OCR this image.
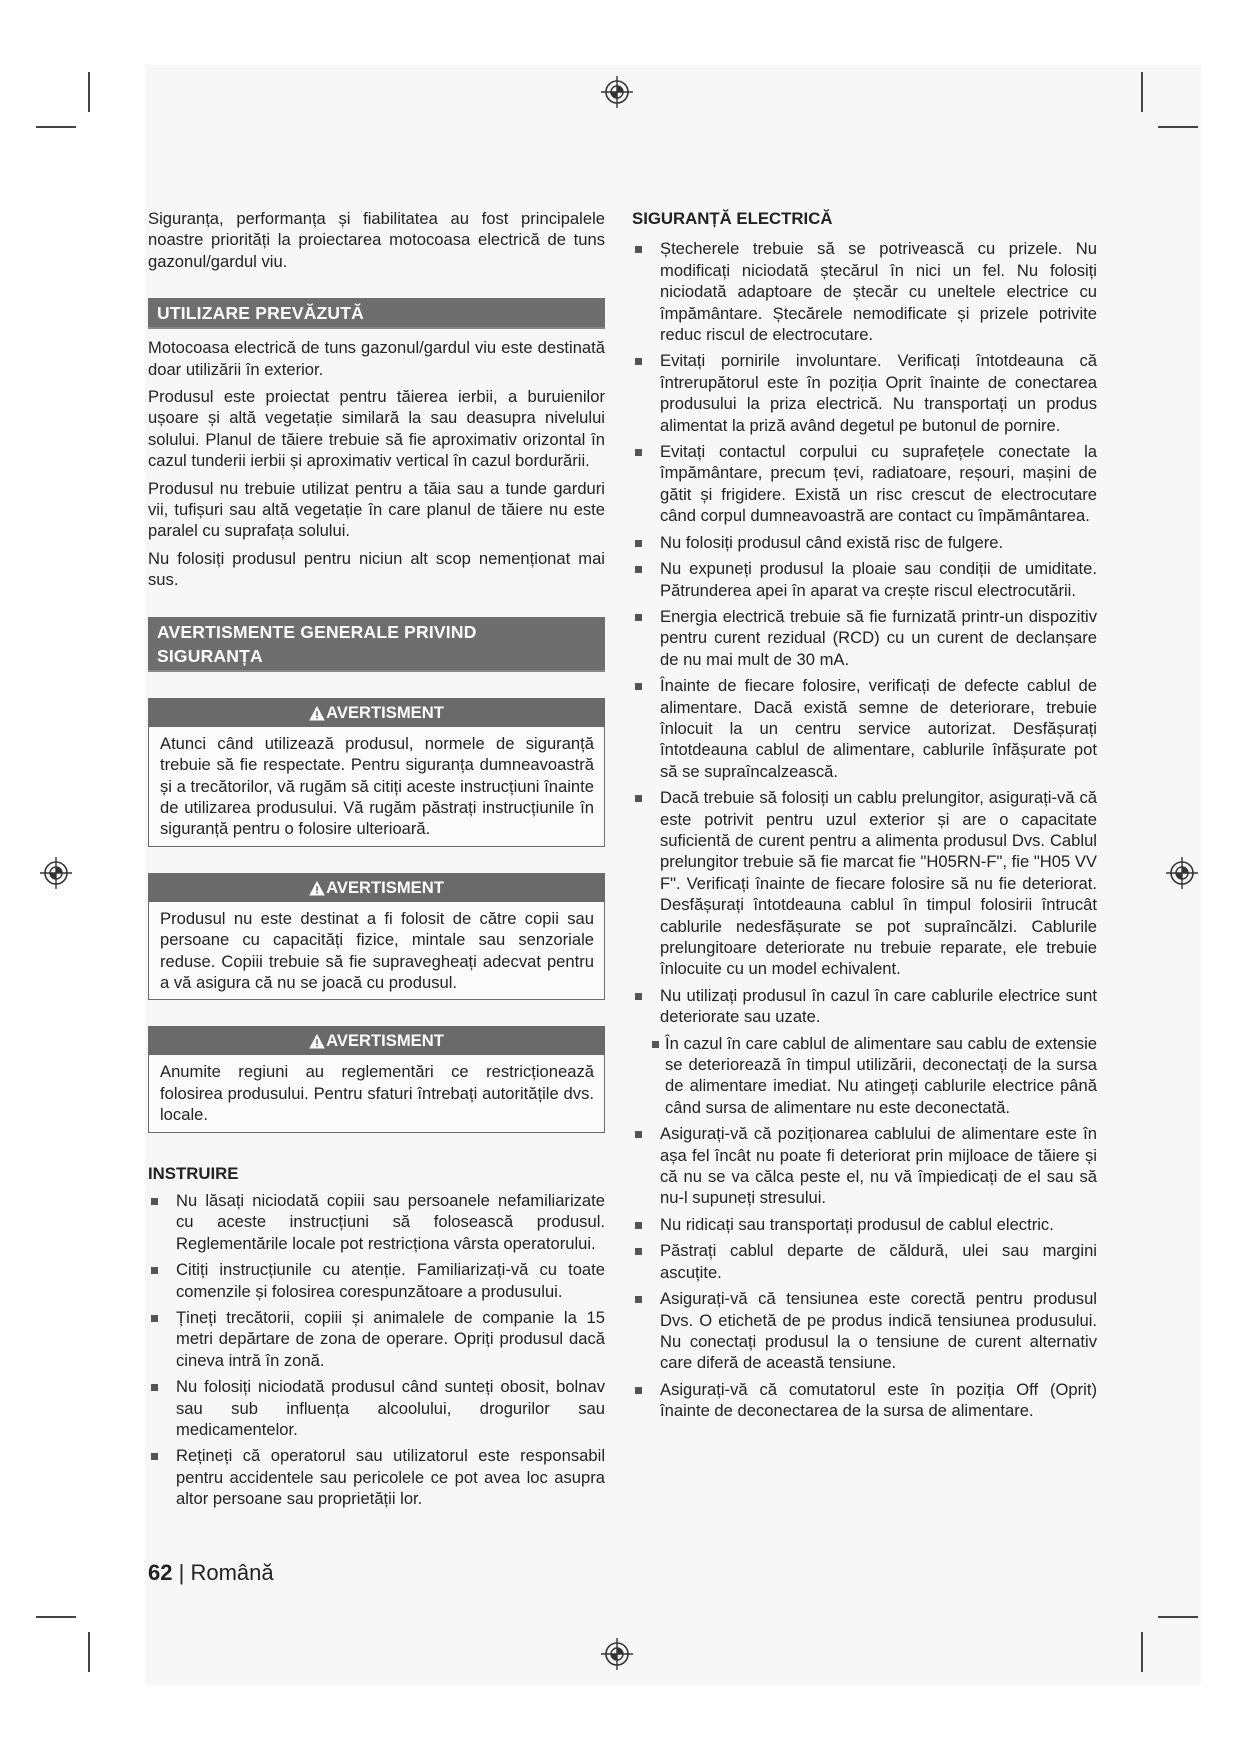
Siguranța, performanța și fiabilitatea au fost principalele noastre priorități la proiectarea motocoasa electrică de tuns gazonul/gardul viu.

UTILIZARE PREVĂZUTĂ

Motocoasa electrică de tuns gazonul/gardul viu este destinată doar utilizării în exterior.

Produsul este proiectat pentru tăierea ierbii, a buruienilor ușoare și altă vegetație similară la sau deasupra nivelului solului. Planul de tăiere trebuie să fie aproximativ orizontal în cazul tunderii ierbii și aproximativ vertical în cazul bordurării.

Produsul nu trebuie utilizat pentru a tăia sau a tunde garduri vii, tufișuri sau altă vegetație în care planul de tăiere nu este paralel cu suprafața solului.

Nu folosiți produsul pentru niciun alt scop nemenționat mai sus.

AVERTISMENTE GENERALE PRIVIND
SIGURANȚA
AVERTISMENT
Atunci când utilizează produsul, normele de siguranță trebuie să fie respectate. Pentru siguranța dumneavoastră și a trecătorilor, vă rugăm să citiți aceste instrucțiuni înainte de utilizarea produsului. Vă rugăm păstrați instrucțiunile în siguranță pentru o folosire ulterioară.
AVERTISMENT
Produsul nu este destinat a fi folosit de către copii sau persoane cu capacități fizice, mintale sau senzoriale reduse. Copiii trebuie să fie supravegheați adecvat pentru a vă asigura că nu se joacă cu produsul.
AVERTISMENT
Anumite regiuni au reglementări ce restricționează folosirea produsului. Pentru sfaturi întrebați autoritățile dvs. locale.
INSTRUIRE
Nu lăsați niciodată copiii sau persoanele nefamiliarizate cu aceste instrucțiuni să folosească produsul. Reglementările locale pot restricționa vârsta operatorului.
Citiți instrucțiunile cu atenție. Familiarizați-vă cu toate comenzile și folosirea corespunzătoare a produsului.
Țineți trecătorii, copiii și animalele de companie la 15 metri depărtare de zona de operare. Opriți produsul dacă cineva intră în zonă.
Nu folosiți niciodată produsul când sunteți obosit, bolnav sau sub influența alcoolului, drogurilor sau medicamentelor.
Rețineți că operatorul sau utilizatorul este responsabil pentru accidentele sau pericolele ce pot avea loc asupra altor persoane sau proprietății lor.
SIGURANȚĂ ELECTRICĂ
Ștecherele trebuie să se potrivească cu prizele. Nu modificați niciodată ștecărul în nici un fel. Nu folosiți niciodată adaptoare de ștecăr cu uneltele electrice cu împământare. Ștecărele nemodificate și prizele potrivite reduc riscul de electrocutare.
Evitați pornirile involuntare. Verificați întotdeauna că întrerupătorul este în poziția Oprit înainte de conectarea produsului la priza electrică. Nu transportați un produs alimentat la priză având degetul pe butonul de pornire.
Evitați contactul corpului cu suprafețele conectate la împământare, precum țevi, radiatoare, reșouri, mașini de gătit și frigidere. Există un risc crescut de electrocutare când corpul dumneavoastră are contact cu împământarea.
Nu folosiți produsul când există risc de fulgere.
Nu expuneți produsul la ploaie sau condiții de umiditate. Pătrunderea apei în aparat va crește riscul electrocutării.
Energia electrică trebuie să fie furnizată printr-un dispozitiv pentru curent rezidual (RCD) cu un curent de declanșare de nu mai mult de 30 mA.
Înainte de fiecare folosire, verificați de defecte cablul de alimentare. Dacă există semne de deteriorare, trebuie înlocuit la un centru service autorizat. Desfășurați întotdeauna cablul de alimentare, cablurile înfășurate pot să se supraîncalzească.
Dacă trebuie să folosiți un cablu prelungitor, asigurați-vă că este potrivit pentru uzul exterior și are o capacitate suficientă de curent pentru a alimenta produsul Dvs. Cablul prelungitor trebuie să fie marcat fie "H05RN-F", fie "H05 VV F". Verificați înainte de fiecare folosire să nu fie deteriorat. Desfășurați întotdeauna cablul în timpul folosirii întrucât cablurile nedesfășurate se pot supraîncălzi. Cablurile prelungitoare deteriorate nu trebuie reparate, ele trebuie înlocuite cu un model echivalent.
Nu utilizați produsul în cazul în care cablurile electrice sunt deteriorate sau uzate.
În cazul în care cablul de alimentare sau cablu de extensie se deteriorează în timpul utilizării, deconectați de la sursa de alimentare imediat. Nu atingeți cablurile electrice până când sursa de alimentare nu este deconectată.
Asigurați-vă că poziționarea cablului de alimentare este în așa fel încât nu poate fi deteriorat prin mijloace de tăiere și că nu se va călca peste el, nu vă împiedicați de el sau să nu-l supuneți stresului.
Nu ridicați sau transportați produsul de cablul electric.
Păstrați cablul departe de căldură, ulei sau margini ascuțite.
Asigurați-vă că tensiunea este corectă pentru produsul Dvs. O etichetă de pe produs indică tensiunea produsului. Nu conectați produsul la o tensiune de curent alternativ care diferă de această tensiune.
Asigurați-vă că comutatorul este în poziția Off (Oprit) înainte de deconectarea de la sursa de alimentare.
62 | Română
